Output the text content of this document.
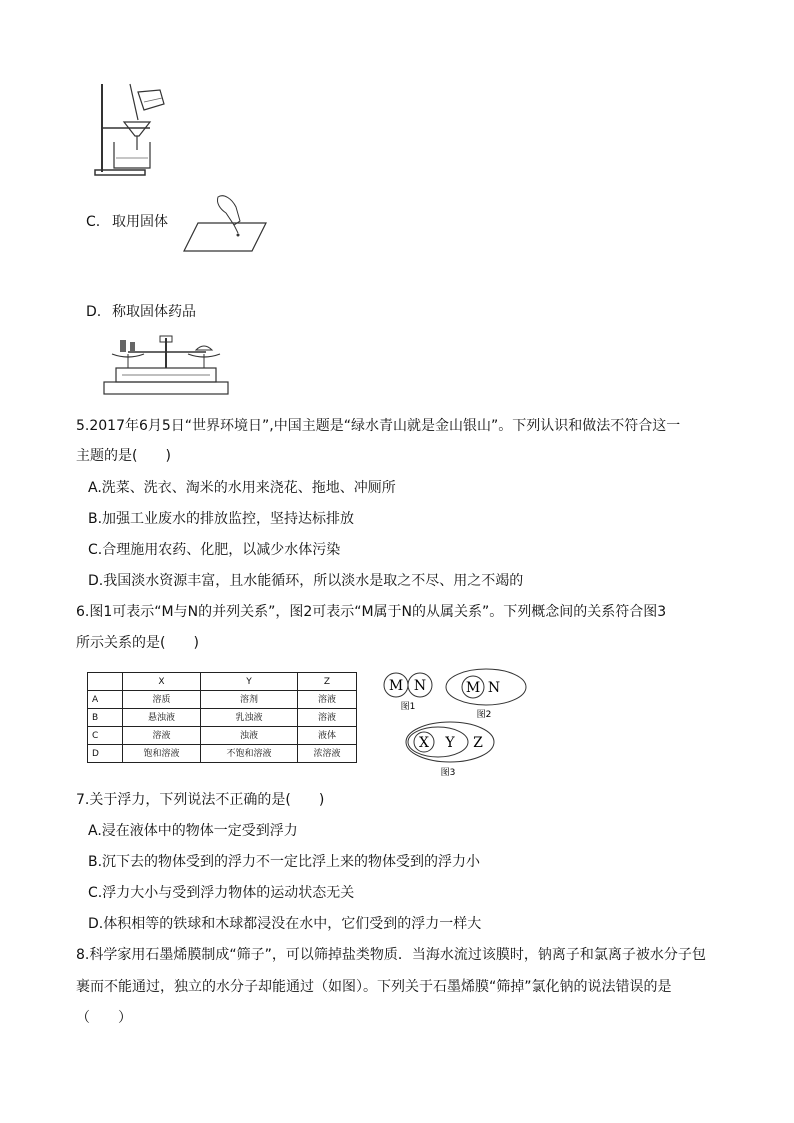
C. 取用固体
D. 称取固体药品
5.2017年6月5日“世界环境日”,中国主题是“绿水青山就是金山银山”。下列认识和做法不符合这一
主题的是(　　)
A.洗菜、洗衣、淘米的水用来浇花、拖地、冲厕所
B.加强工业废水的排放监控，坚持达标排放
C.合理施用农药、化肥，以减少水体污染
D.我国淡水资源丰富，且水能循环，所以淡水是取之不尽、用之不竭的
6.图1可表示“M与N的并列关系”，图2可表示“M属于N的从属关系”。下列概念间的关系符合图3
所示关系的是(　　)
	X	Y	Z
A	溶质	溶剂	溶液
B	悬浊液	乳浊液	溶液
C	溶液	浊液	液体
D	饱和溶液	不饱和溶液	浓溶液
M N
图1
M N
图2
X Y Z
图3
7.关于浮力，下列说法不正确的是(　　)
A.浸在液体中的物体一定受到浮力
B.沉下去的物体受到的浮力不一定比浮上来的物体受到的浮力小
C.浮力大小与受到浮力物体的运动状态无关
D.体积相等的铁球和木球都浸没在水中，它们受到的浮力一样大
8.科学家用石墨烯膜制成“筛子”，可以筛掉盐类物质．当海水流过该膜时，钠离子和氯离子被水分子包
裹而不能通过，独立的水分子却能通过（如图）。下列关于石墨烯膜“筛掉”氯化钠的说法错误的是
（　　）
